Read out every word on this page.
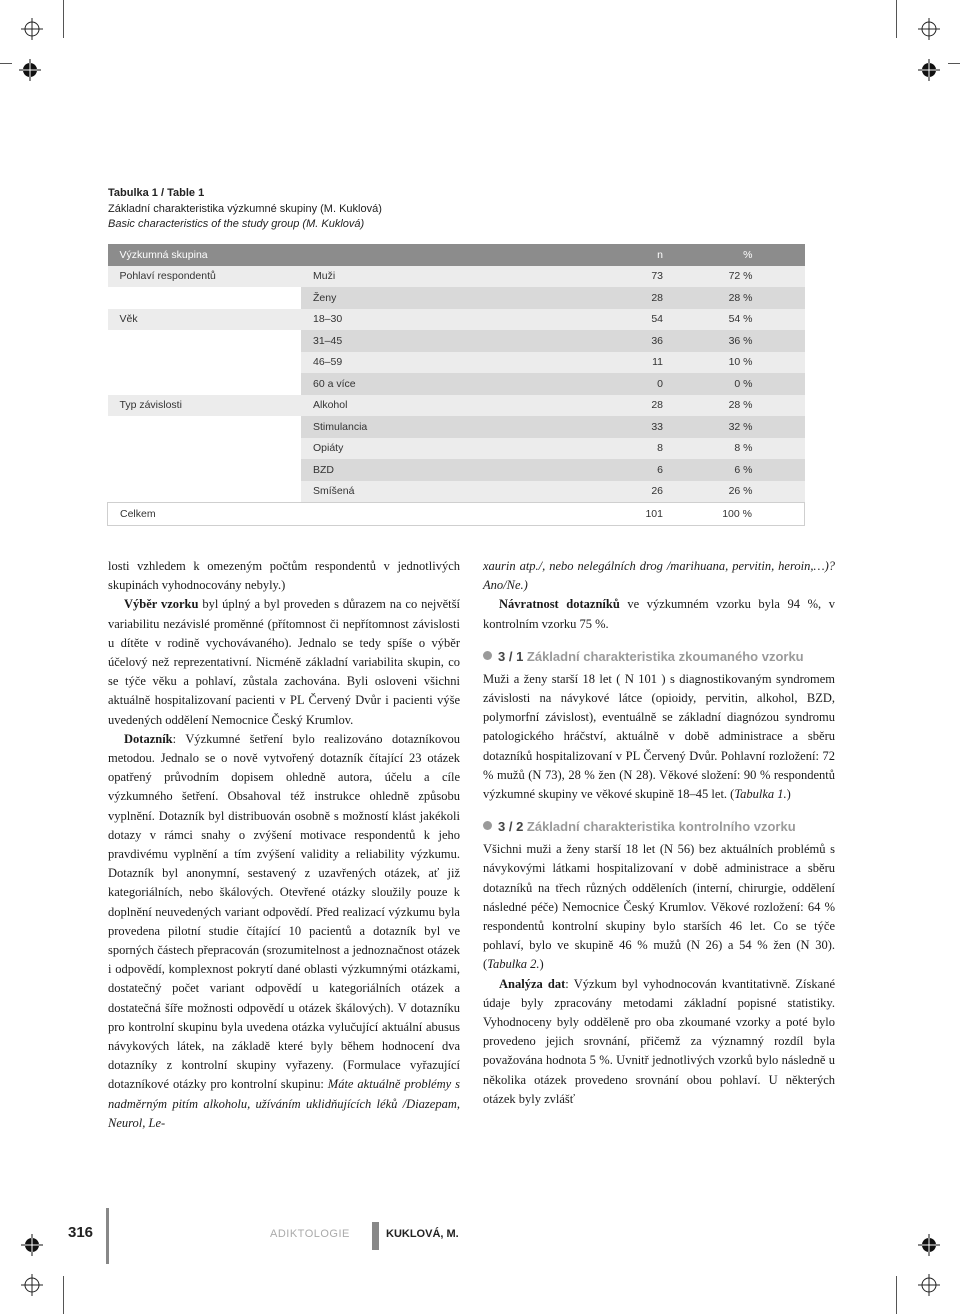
Tabulka 1 / Table 1
Základní charakteristika výzkumné skupiny (M. Kuklová)
Basic characteristics of the study group (M. Kuklová)
Výzkumná skupina		n	%
Pohlaví respondentů	Muži	73	72 %
	Ženy	28	28 %
Věk	18–30	54	54 %
	31–45	36	36 %
	46–59	11	10 %
	60 a více	0	0 %
Typ závislosti	Alkohol	28	28 %
	Stimulancia	33	32 %
	Opiáty	8	8 %
	BZD	6	6 %
	Smíšená	26	26 %
Celkem		101	100 %

losti vzhledem k omezeným počtům respondentů v jednotlivých skupinách vyhodnocovány nebyly.)

Výběr vzorku byl úplný a byl proveden s důrazem na co největší variabilitu nezávislé proměnné (přítomnost či nepřítomnost závislosti u dítěte v rodině vychovávaného). Jednalo se tedy spíše o výběr účelový než reprezentativní. Nicméně základní variabilita skupin, co se týče věku a pohlaví, zůstala zachována. Byli osloveni všichni aktuálně hospitalizovaní pacienti v PL Červený Dvůr i pacienti výše uvedených oddělení Nemocnice Český Krumlov.

Dotazník: Výzkumné šetření bylo realizováno dotazníkovou metodou. Jednalo se o nově vytvořený dotazník čítající 23 otázek opatřený průvodním dopisem ohledně autora, účelu a cíle výzkumného šetření. Obsahoval též instrukce ohledně způsobu vyplnění. Dotazník byl distribuován osobně s možností klást jakékoli dotazy v rámci snahy o zvýšení motivace respondentů k jeho pravdivému vyplnění a tím zvýšení validity a reliability výzkumu. Dotazník byl anonymní, sestavený z uzavřených otázek, ať již kategoriálních, nebo škálových. Otevřené otázky sloužily pouze k doplnění neuvedených variant odpovědí. Před realizací výzkumu byla provedena pilotní studie čítající 10 pacientů a dotazník byl ve sporných částech přepracován (srozumitelnost a jednoznačnost otázek i odpovědí, komplexnost pokrytí dané oblasti výzkumnými otázkami, dostatečný počet variant odpovědí u kategoriálních otázek a dostatečná šíře možnosti odpovědí u otázek škálových). V dotazníku pro kontrolní skupinu byla uvedena otázka vylučující aktuální abusus návykových látek, na základě které byly během hodnocení dva dotazníky z kontrolní skupiny vyřazeny. (Formulace vyřazující dotazníkové otázky pro kontrolní skupinu: Máte aktuálně problémy s nadměrným pitím alkoholu, užíváním uklidňujících léků /Diazepam, Neurol, Le-

xaurin atp./, nebo nelegálních drog /marihuana, pervitin, heroin,…)? Ano/Ne.)

Návratnost dotazníků ve výzkumném vzorku byla 94 %, v kontrolním vzorku 75 %.

3 / 1 Základní charakteristika zkoumaného vzorku

Muži a ženy starší 18 let ( N 101 ) s diagnostikovaným syndromem závislosti na návykové látce (opioidy, pervitin, alkohol, BZD, polymorfní závislost), eventuálně se základní diagnózou syndromu patologického hráčství, aktuálně v době administrace a sběru dotazníků hospitalizovaní v PL Červený Dvůr. Pohlavní rozložení: 72 % mužů (N 73), 28 % žen (N 28). Věkové složení: 90 % respondentů výzkumné skupiny ve věkové skupině 18–45 let. (Tabulka 1.)

3 / 2 Základní charakteristika kontrolního vzorku

Všichni muži a ženy starší 18 let (N 56) bez aktuálních problémů s návykovými látkami hospitalizovaní v době administrace a sběru dotazníků na třech různých odděleních (interní, chirurgie, oddělení následné péče) Nemocnice Český Krumlov. Věkové rozložení: 64 % respondentů kontrolní skupiny bylo starších 46 let. Co se týče pohlaví, bylo ve skupině 46 % mužů (N 26) a 54 % žen (N 30). (Tabulka 2.)

Analýza dat: Výzkum byl vyhodnocován kvantitativně. Získané údaje byly zpracovány metodami základní popisné statistiky. Vyhodnoceny byly odděleně pro oba zkoumané vzorky a poté bylo provedeno jejich srovnání, přičemž za významný rozdíl byla považována hodnota 5 %. Uvnitř jednotlivých vzorků bylo následně u několika otázek provedeno srovnání obou pohlaví. U některých otázek byly zvlášť

316	ADIKTOLOGIE	KUKLOVÁ, M.
